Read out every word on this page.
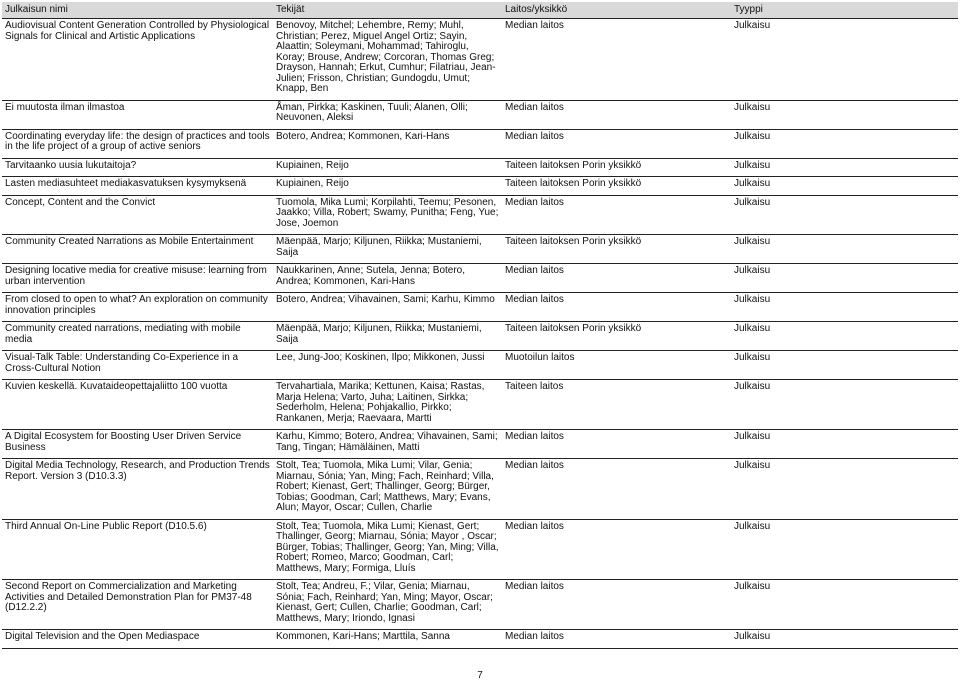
Julkaisun nimi	Tekijät	Laitos/yksikkö	Tyyppi
Audiovisual Content Generation Controlled by Physiological Signals for Clinical and Artistic Applications	Benovoy, Mitchel; Lehembre, Remy; Muhl, Christian; Perez, Miguel Angel Ortiz; Sayin, Alaattin; Soleymani, Mohammad; Tahiroglu, Koray; Brouse, Andrew; Corcoran, Thomas Greg; Drayson, Hannah; Erkut, Cumhur; Filatriau, Jean-Julien; Frisson, Christian; Gundogdu, Umut; Knapp, Ben	Median laitos	Julkaisu
Ei muutosta ilman ilmastoa	Åman, Pirkka; Kaskinen, Tuuli; Alanen, Olli; Neuvonen, Aleksi	Median laitos	Julkaisu
Coordinating everyday life: the design of practices and tools in the life project of a group of active seniors	Botero, Andrea; Kommonen, Kari-Hans	Median laitos	Julkaisu
Tarvitaanko uusia lukutaitoja?	Kupiainen, Reijo	Taiteen laitoksen Porin yksikkö	Julkaisu
Lasten mediasuhteet mediakasvatuksen kysymyksenä	Kupiainen, Reijo	Taiteen laitoksen Porin yksikkö	Julkaisu
Concept, Content and the Convict	Tuomola, Mika Lumi; Korpilahti, Teemu; Pesonen, Jaakko; Villa, Robert; Swamy, Punitha; Feng, Yue; Jose, Joemon	Median laitos	Julkaisu
Community Created Narrations as Mobile Entertainment	Mäenpää, Marjo; Kiljunen, Riikka; Mustaniemi, Saija	Taiteen laitoksen Porin yksikkö	Julkaisu
Designing locative media for creative misuse: learning from urban intervention	Naukkarinen, Anne; Sutela, Jenna; Botero, Andrea; Kommonen, Kari-Hans	Median laitos	Julkaisu
From closed to open to what? An exploration on community innovation principles	Botero, Andrea; Vihavainen, Sami; Karhu, Kimmo	Median laitos	Julkaisu
Community created narrations, mediating with mobile media	Mäenpää, Marjo; Kiljunen, Riikka; Mustaniemi, Saija	Taiteen laitoksen Porin yksikkö	Julkaisu
Visual-Talk Table: Understanding Co-Experience in a Cross-Cultural Notion	Lee, Jung-Joo; Koskinen, Ilpo; Mikkonen, Jussi	Muotoilun laitos	Julkaisu
Kuvien keskellä. Kuvataideopettajaliitto 100 vuotta	Tervahartiala, Marika; Kettunen, Kaisa; Rastas, Marja Helena; Varto, Juha; Laitinen, Sirkka; Sederholm, Helena; Pohjakallio, Pirkko; Rankanen, Merja; Raevaara, Martti	Taiteen laitos	Julkaisu
A Digital Ecosystem for Boosting User Driven Service Business	Karhu, Kimmo; Botero, Andrea; Vihavainen, Sami; Tang, Tingan; Hämäläinen, Matti	Median laitos	Julkaisu
Digital Media Technology, Research, and Production Trends Report. Version 3 (D10.3.3)	Stolt, Tea; Tuomola, Mika Lumi; Vilar, Genia; Miarnau, Sónia; Yan, Ming; Fach, Reinhard; Villa, Robert; Kienast, Gert; Thallinger, Georg; Bürger, Tobias; Goodman, Carl; Matthews, Mary; Evans, Alun; Mayor, Oscar; Cullen, Charlie	Median laitos	Julkaisu
Third Annual On-Line Public Report (D10.5.6)	Stolt, Tea; Tuomola, Mika Lumi; Kienast, Gert; Thallinger, Georg; Miarnau, Sónia; Mayor , Oscar; Bürger, Tobias; Thallinger, Georg; Yan, Ming; Villa, Robert; Romeo, Marco; Goodman, Carl; Matthews, Mary; Formiga, Lluís	Median laitos	Julkaisu
Second Report on Commercialization and Marketing Activities and Detailed Demonstration Plan for PM37-48 (D12.2.2)	Stolt, Tea; Andreu, F.; Vilar, Genia; Miarnau, Sónia; Fach, Reinhard; Yan, Ming; Mayor, Oscar; Kienast, Gert; Cullen, Charlie; Goodman, Carl; Matthews, Mary; Iriondo, Ignasi	Median laitos	Julkaisu
Digital Television and the Open Mediaspace	Kommonen, Kari-Hans; Marttila, Sanna	Median laitos	Julkaisu
7
